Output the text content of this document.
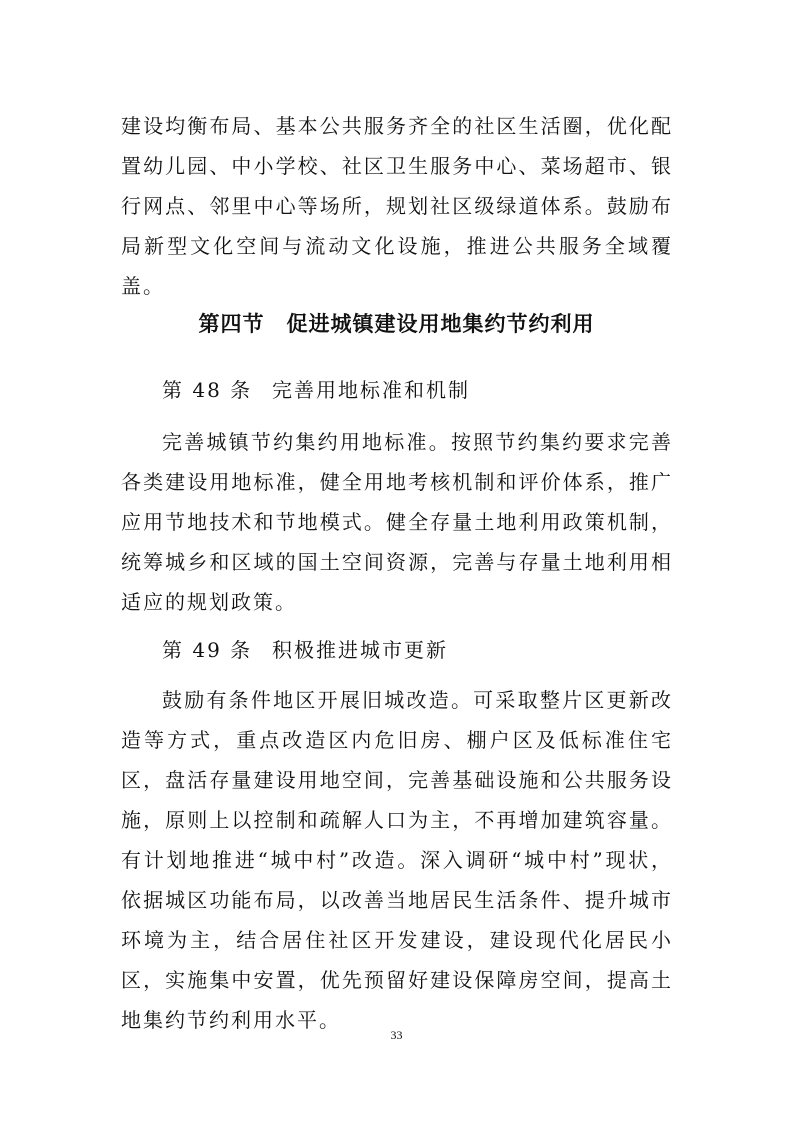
建设均衡布局、基本公共服务齐全的社区生活圈，优化配置幼儿园、中小学校、社区卫生服务中心、菜场超市、银行网点、邻里中心等场所，规划社区级绿道体系。鼓励布局新型文化空间与流动文化设施，推进公共服务全域覆盖。

第四节 促进城镇建设用地集约节约利用

第 48 条 完善用地标准和机制

完善城镇节约集约用地标准。按照节约集约要求完善各类建设用地标准，健全用地考核机制和评价体系，推广应用节地技术和节地模式。健全存量土地利用政策机制，统筹城乡和区域的国土空间资源，完善与存量土地利用相适应的规划政策。

第 49 条 积极推进城市更新

鼓励有条件地区开展旧城改造。可采取整片区更新改造等方式，重点改造区内危旧房、棚户区及低标准住宅区，盘活存量建设用地空间，完善基础设施和公共服务设施，原则上以控制和疏解人口为主，不再增加建筑容量。有计划地推进“城中村”改造。深入调研“城中村”现状，依据城区功能布局，以改善当地居民生活条件、提升城市环境为主，结合居住社区开发建设，建设现代化居民小区，实施集中安置，优先预留好建设保障房空间，提高土地集约节约利用水平。

33
